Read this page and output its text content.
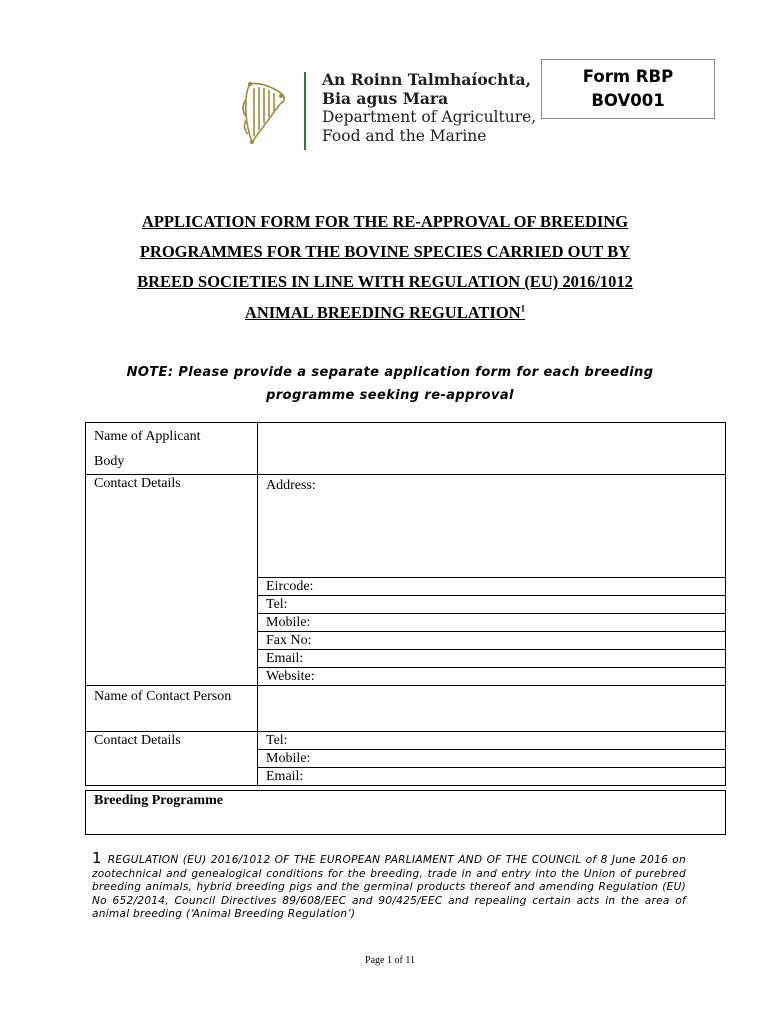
An Roinn Talmhaíochta,
Bia agus Mara
Department of Agriculture,
Food and the Marine
Form RBP
BOV001
APPLICATION FORM FOR THE RE-APPROVAL OF BREEDING
PROGRAMMES FOR THE BOVINE SPECIES CARRIED OUT BY
BREED SOCIETIES IN LINE WITH REGULATION (EU) 2016/1012
ANIMAL BREEDING REGULATION$^1$
NOTE: Please provide a separate application form for each breeding
programme seeking re-approval
Name of Applicant
Body	

Contact Details	Address:
	Eircode:
	Tel:
	Mobile:
	Fax No:
	Email:
	Website:
Name of Contact Person	
Contact Details	Tel:
	Mobile:
	Email:
Breeding Programme
1 REGULATION (EU) 2016/1012 OF THE EUROPEAN PARLIAMENT AND OF THE COUNCIL of 8 June 2016 on zootechnical and genealogical conditions for the breeding, trade in and entry into the Union of purebred breeding animals, hybrid breeding pigs and the germinal products thereof and amending Regulation (EU) No 652/2014, Council Directives 89/608/EEC and 90/425/EEC and repealing certain acts in the area of animal breeding (‘Animal Breeding Regulation’)
Page 1 of 11
